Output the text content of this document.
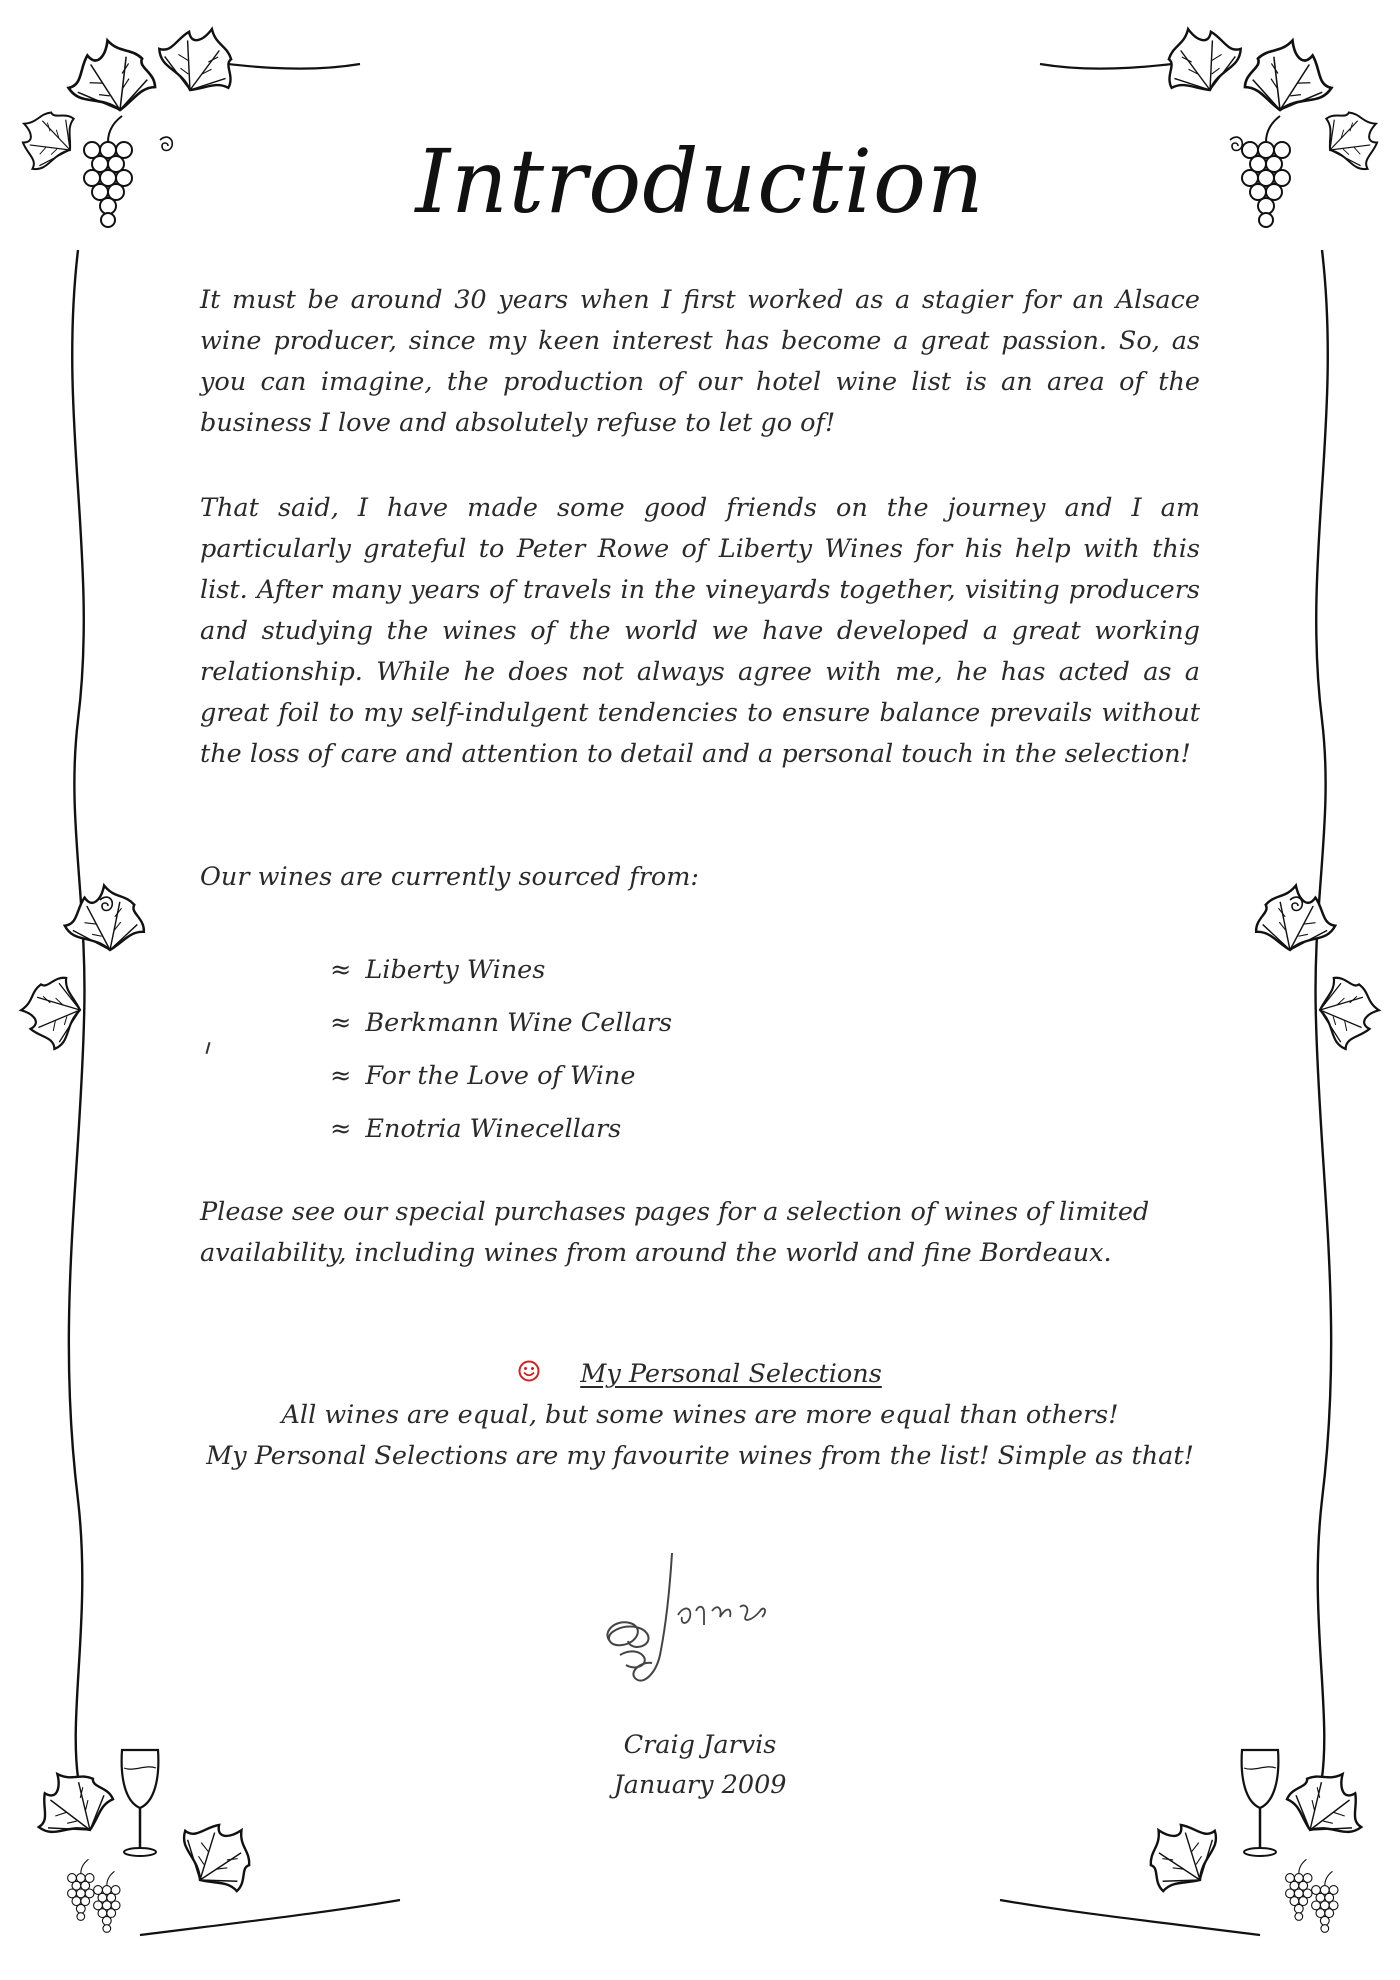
Introduction

It must be around 30 years when I first worked as a stagier for an Alsace wine producer, since my keen interest has become a great passion. So, as you can imagine, the production of our hotel wine list is an area of the business I love and absolutely refuse to let go of!

That said, I have made some good friends on the journey and I am particularly grateful to Peter Rowe of Liberty Wines for his help with this list. After many years of travels in the vineyards together, visiting producers and studying the wines of the world we have developed a great working relationship. While he does not always agree with me, he has acted as a great foil to my self-indulgent tendencies to ensure balance prevails without the loss of care and attention to detail and a personal touch in the selection!

Our wines are currently sourced from:

≈ Liberty Wines
≈ Berkmann Wine Cellars
≈ For the Love of Wine
≈ Enotria Winecellars

Please see our special purchases pages for a selection of wines of limited availability, including wines from around the world and fine Bordeaux.

My Personal Selections
All wines are equal, but some wines are more equal than others!
My Personal Selections are my favourite wines from the list! Simple as that!
Craig Jarvis
January 2009
